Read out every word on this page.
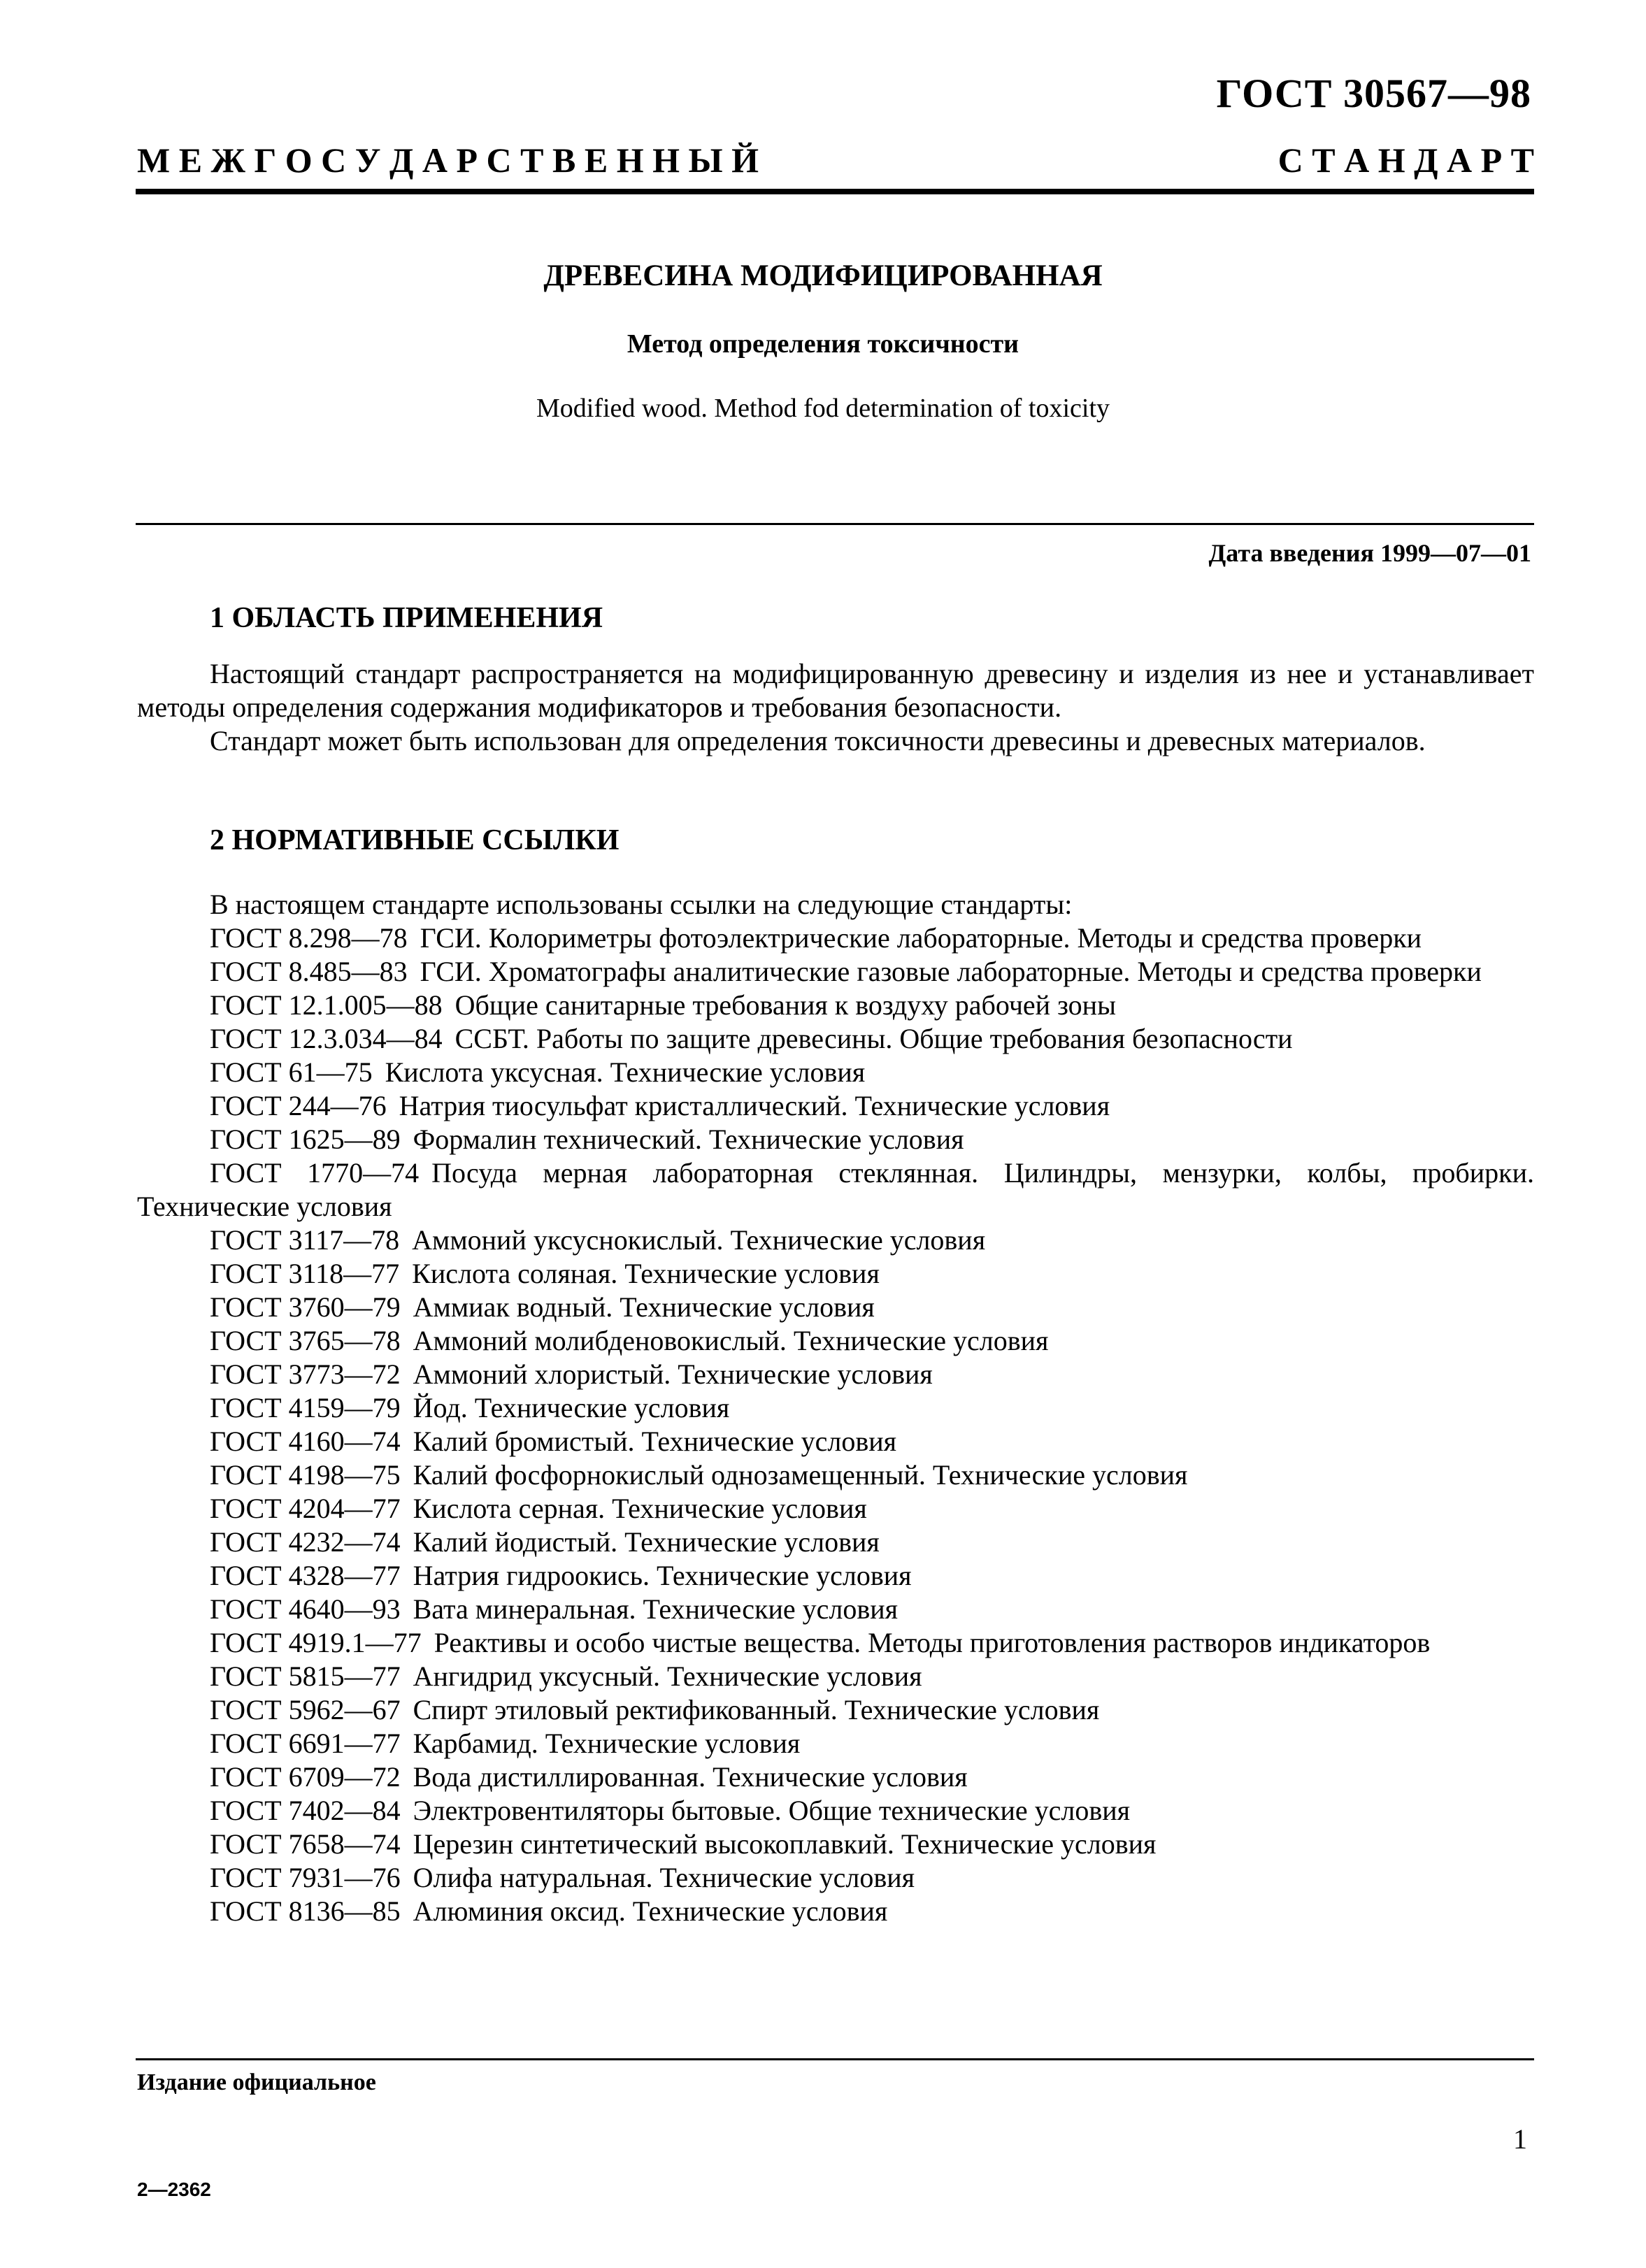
ГОСТ 30567—98
М Е Ж Г О С У Д А Р С Т В Е Н Н Ы Й	С Т А Н Д А Р Т
ДРЕВЕСИНА МОДИФИЦИРОВАННАЯ
Метод определения токсичности
Modified wood. Method fod determination of toxicity
Дата введения 1999—07—01
1 ОБЛАСТЬ ПРИМЕНЕНИЯ

Настоящий стандарт распространяется на модифицированную древесину и изделия из нее и устанавливает методы определения содержания модификаторов и требования безопасности.

Стандарт может быть использован для определения токсичности древесины и древесных материалов.

2 НОРМАТИВНЫЕ ССЫЛКИ

В настоящем стандарте использованы ссылки на следующие стандарты:

ГОСТ 8.298—78 ГСИ. Колориметры фотоэлектрические лабораторные. Методы и средства проверки

ГОСТ 8.485—83 ГСИ. Хроматографы аналитические газовые лабораторные. Методы и средства проверки

ГОСТ 12.1.005—88 Общие санитарные требования к воздуху рабочей зоны

ГОСТ 12.3.034—84 ССБТ. Работы по защите древесины. Общие требования безопасности

ГОСТ 61—75 Кислота уксусная. Технические условия

ГОСТ 244—76 Натрия тиосульфат кристаллический. Технические условия

ГОСТ 1625—89 Формалин технический. Технические условия

ГОСТ 1770—74 Посуда мерная лабораторная стеклянная. Цилиндры, мензурки, колбы, пробирки. Технические условия

ГОСТ 3117—78 Аммоний уксуснокислый. Технические условия

ГОСТ 3118—77 Кислота соляная. Технические условия

ГОСТ 3760—79 Аммиак водный. Технические условия

ГОСТ 3765—78 Аммоний молибденовокислый. Технические условия

ГОСТ 3773—72 Аммоний хлористый. Технические условия

ГОСТ 4159—79 Йод. Технические условия

ГОСТ 4160—74 Калий бромистый. Технические условия

ГОСТ 4198—75 Калий фосфорнокислый однозамещенный. Технические условия

ГОСТ 4204—77 Кислота серная. Технические условия

ГОСТ 4232—74 Калий йодистый. Технические условия

ГОСТ 4328—77 Натрия гидроокись. Технические условия

ГОСТ 4640—93 Вата минеральная. Технические условия

ГОСТ 4919.1—77 Реактивы и особо чистые вещества. Методы приготовления растворов индикаторов

ГОСТ 5815—77 Ангидрид уксусный. Технические условия

ГОСТ 5962—67 Спирт этиловый ректификованный. Технические условия

ГОСТ 6691—77 Карбамид. Технические условия

ГОСТ 6709—72 Вода дистиллированная. Технические условия

ГОСТ 7402—84 Электровентиляторы бытовые. Общие технические условия

ГОСТ 7658—74 Церезин синтетический высокоплавкий. Технические условия

ГОСТ 7931—76 Олифа натуральная. Технические условия

ГОСТ 8136—85 Алюминия оксид. Технические условия

Издание официальное
1
2—2362
